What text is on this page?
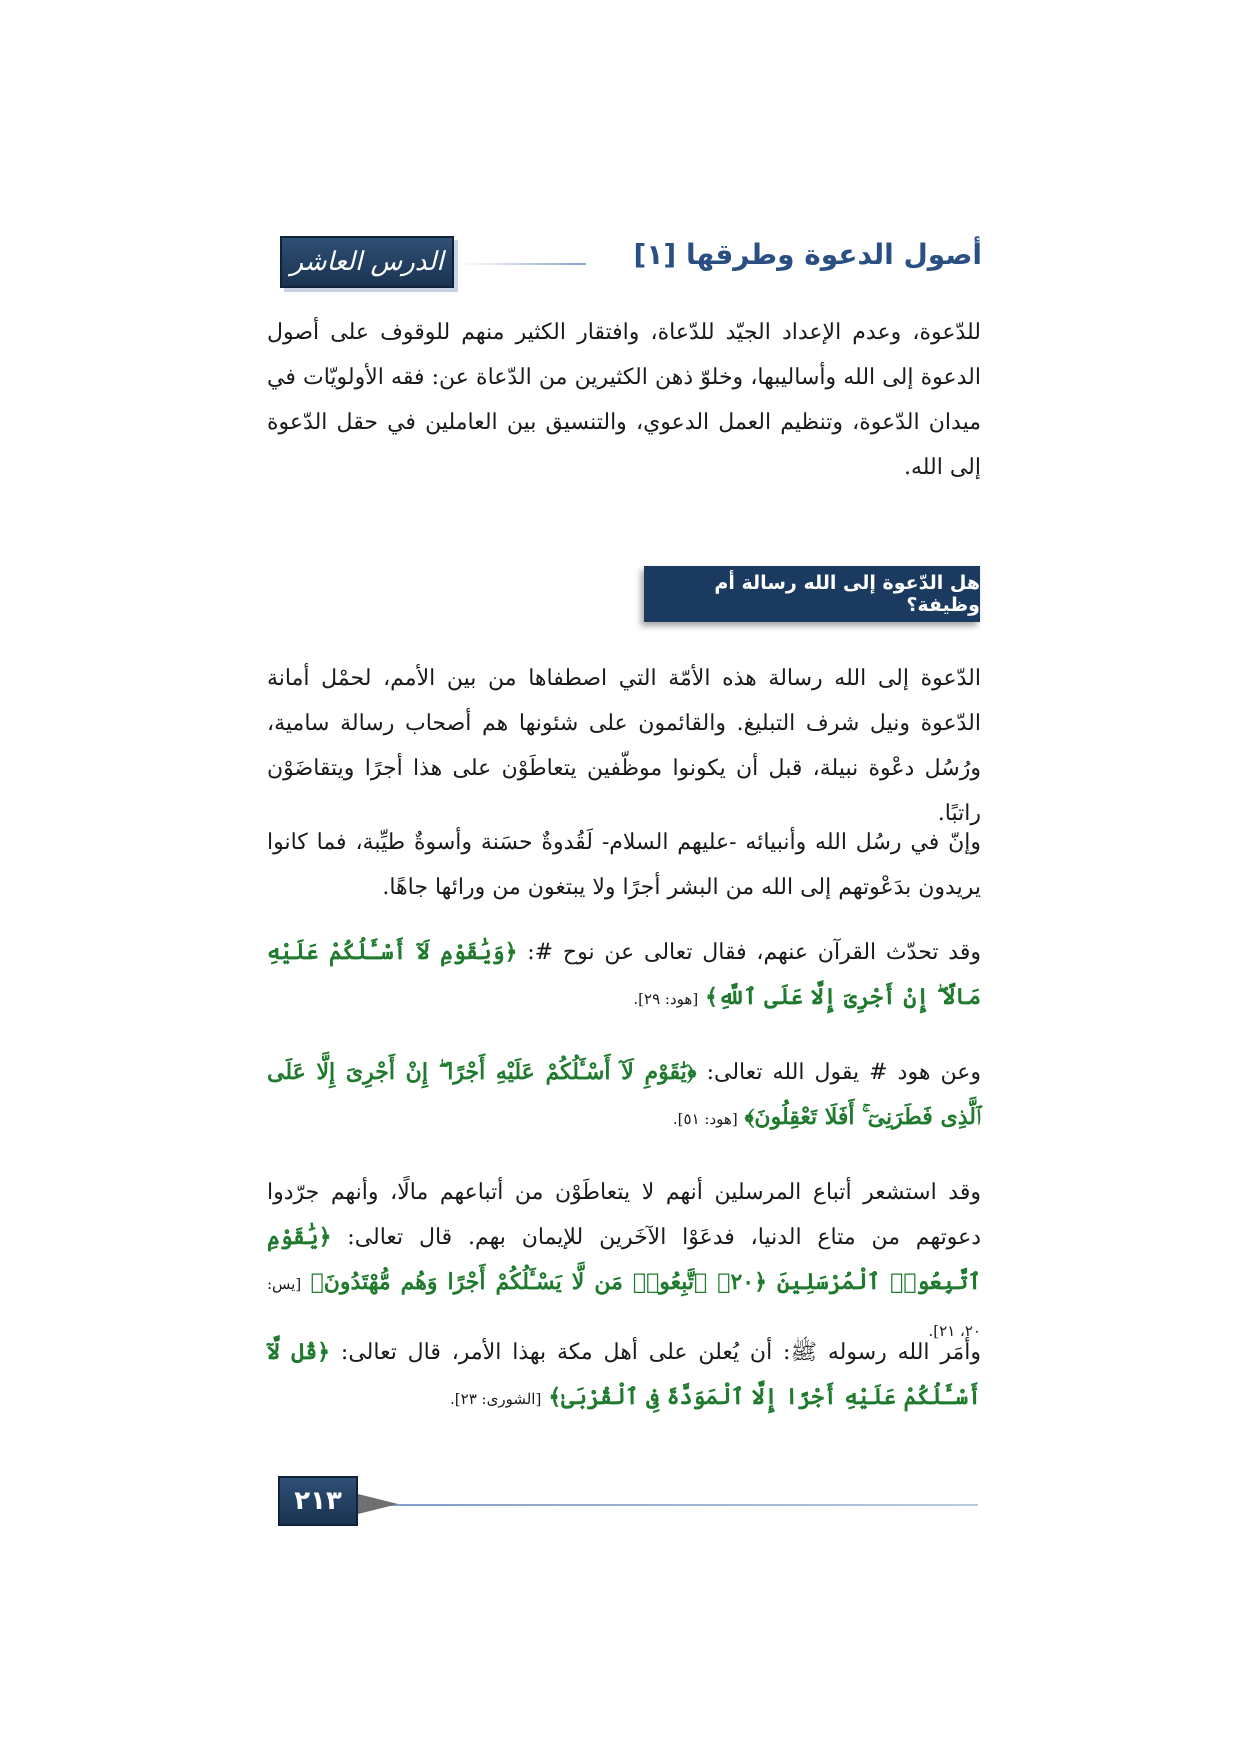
الدرس العاشر	أصول الدعوة وطرقها [١]
للدّعوة، وعدم الإعداد الجيّد للدّعاة، وافتقار الكثير منهم للوقوف على أصول الدعوة إلى الله وأساليبها، وخلوّ ذهن الكثيرين من الدّعاة عن: فقه الأولويّات في ميدان الدّعوة، وتنظيم العمل الدعوي، والتنسيق بين العاملين في حقل الدّعوة إلى الله.
هل الدّعوة إلى الله رسالة أم وظيفة؟
الدّعوة إلى الله رسالة هذه الأمّة التي اصطفاها من بين الأمم، لحمْل أمانة الدّعوة ونيل شرف التبليغ. والقائمون على شئونها هم أصحاب رسالة سامية، ورُسُل دعْوة نبيلة، قبل أن يكونوا موظّفين يتعاطَوْن على هذا أجرًا ويتقاضَوْن راتبًا.
وإنّ في رسُل الله وأنبيائه -عليهم السلام- لَقُدوةٌ حسَنة وأسوةٌ طيِّبة، فما كانوا يريدون بدَعْوتهم إلى الله من البشر أجرًا ولا يبتغون من ورائها جاهًا.
وقد تحدّث القرآن عنهم، فقال تعالى عن نوح #: ﴿وَيَٰقَوْمِ لَآ أَسْـَٔلُكُمْ عَلَيْهِ مَالًا ۖ إِنْ أَجْرِىَ إِلَّا عَلَى ٱللَّهِ﴾ [هود: ٢٩].
وعن هود # يقول الله تعالى: ﴿يَٰقَوْمِ لَآ أَسْـَٔلُكُمْ عَلَيْهِ أَجْرًا ۖ إِنْ أَجْرِىَ إِلَّا عَلَى ٱلَّذِى فَطَرَنِىٓ ۚ أَفَلَا تَعْقِلُونَ﴾ [هود: ٥١].
وقد استشعر أتباع المرسلين أنهم لا يتعاطَوْن من أتباعهم مالًا، وأنهم جرّدوا دعوتهم من متاع الدنيا، فدعَوْا الآخَرين للإيمان بهم. قال تعالى: ﴿يَٰقَوْمِ ٱتَّبِعُوا۟ ٱلْمُرْسَلِينَ ﴿٢٠﴾ ٱتَّبِعُوا۟ مَن لَّا يَسْـَٔلُكُمْ أَجْرًا وَهُم مُّهْتَدُونَ﴾ [يس: ٢٠، ٢١].
وأمَر الله رسوله ﷺ: أن يُعلن على أهل مكة بهذا الأمر، قال تعالى: ﴿قُل لَّآ أَسْـَٔلُكُمْ عَلَيْهِ أَجْرًا إِلَّا ٱلْمَوَدَّةَ فِى ٱلْقُرْبَىٰ﴾ [الشورى: ٢٣].
٢١٣
